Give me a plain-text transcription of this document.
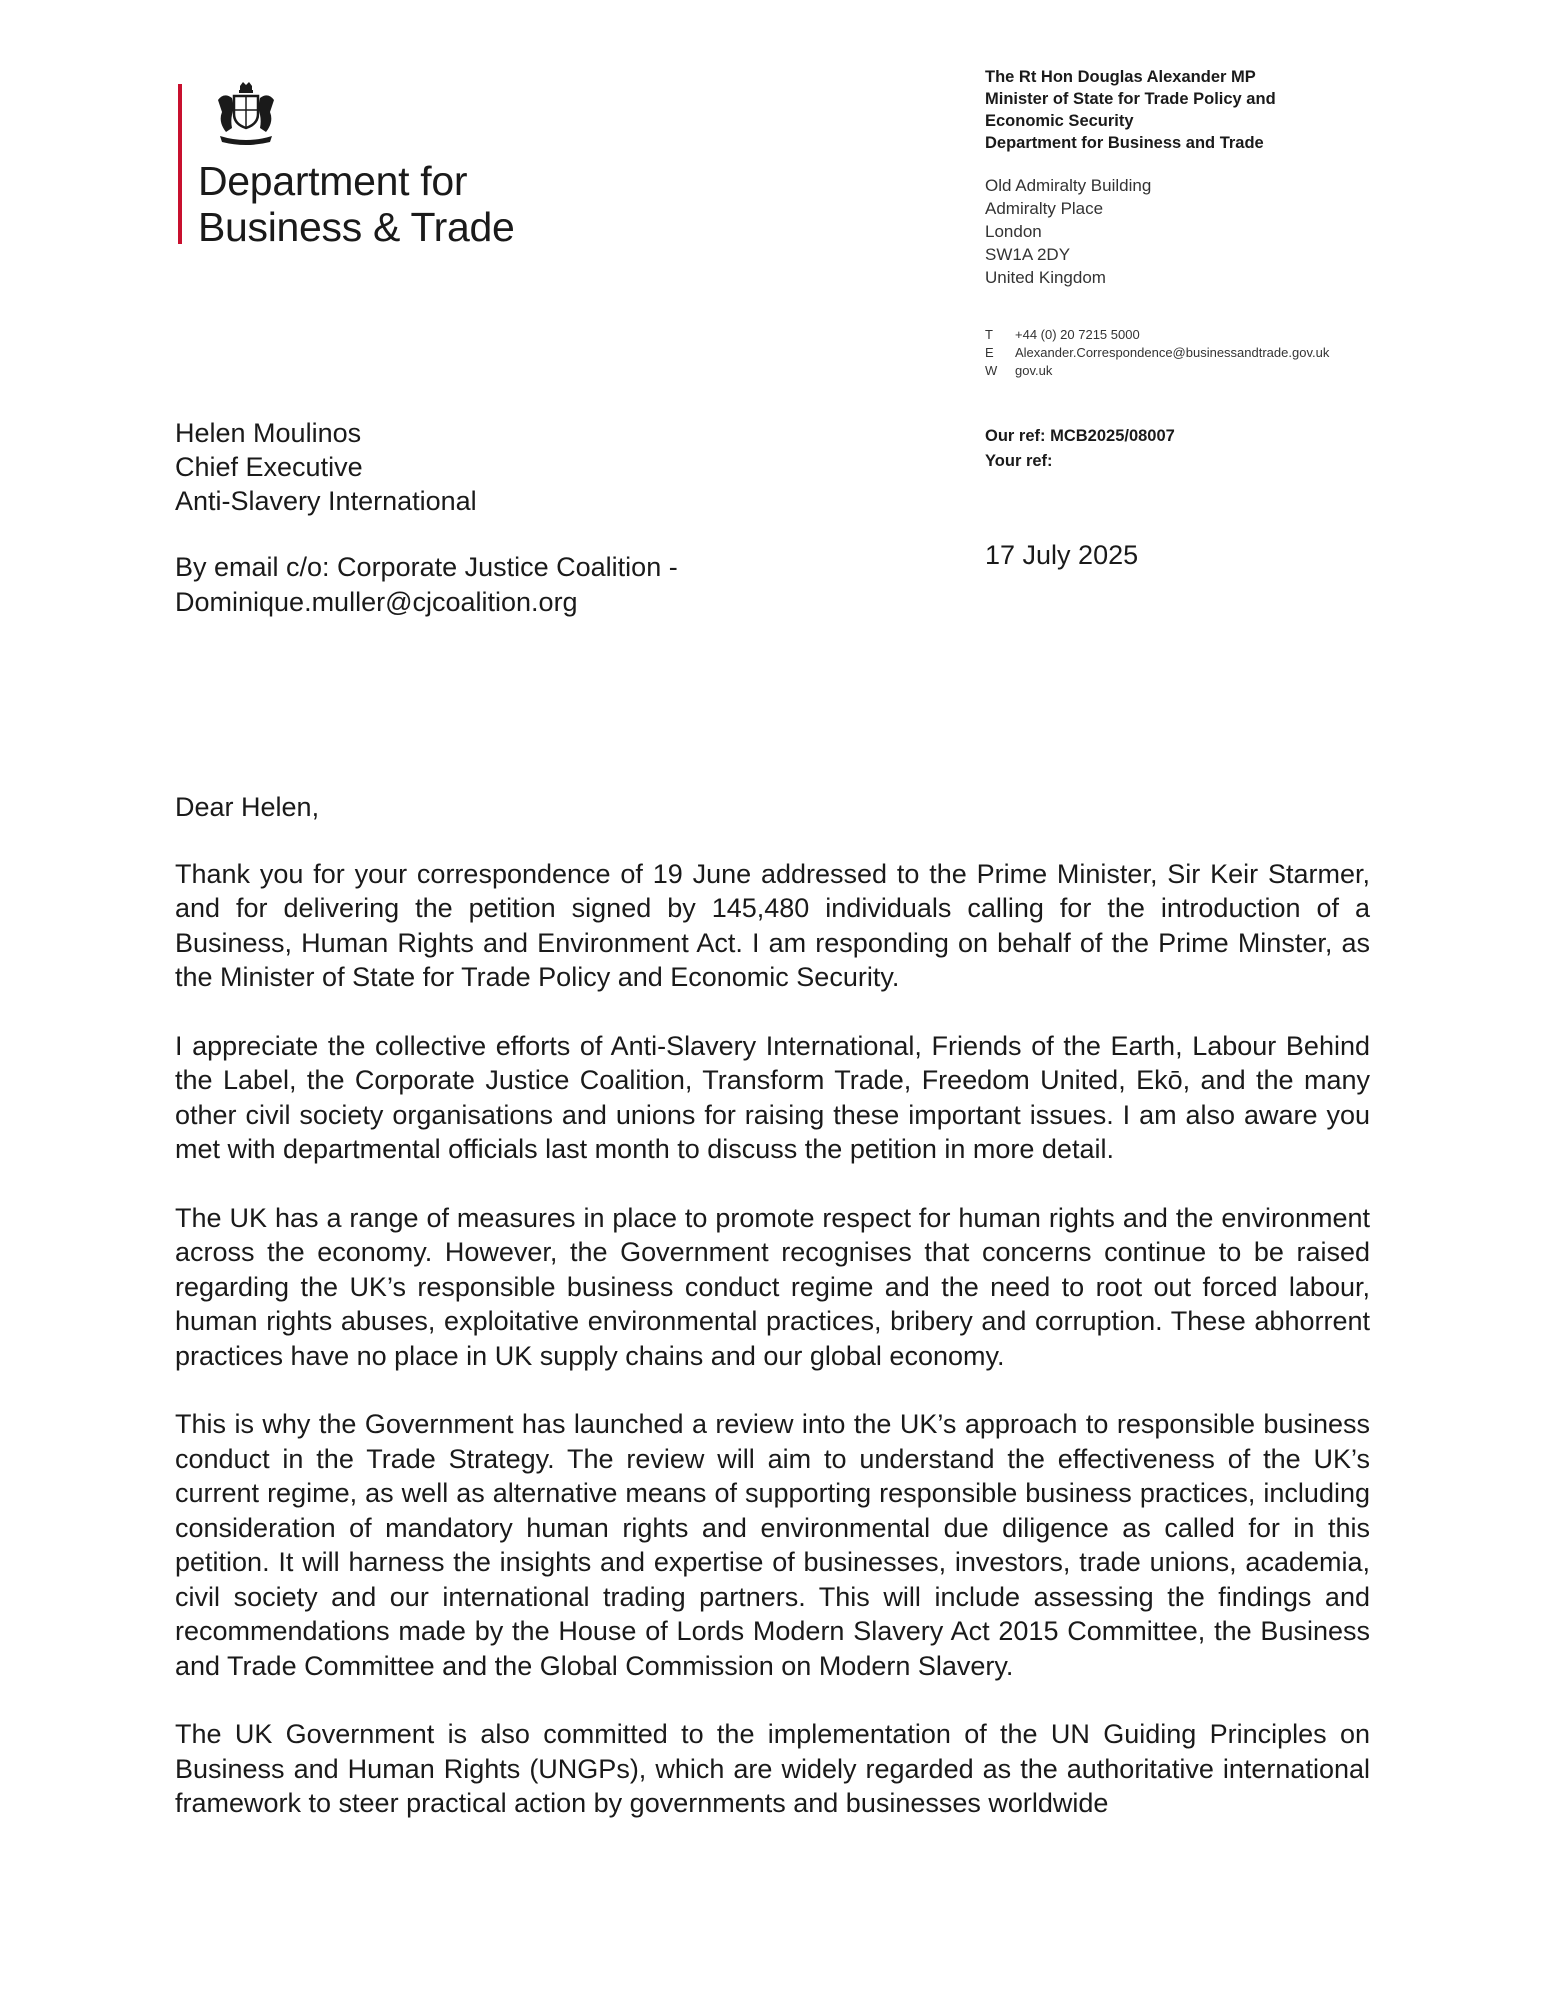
Department for
Business & Trade
The Rt Hon Douglas Alexander MP
Minister of State for Trade Policy and
Economic Security
Department for Business and Trade
Old Admiralty Building
Admiralty Place
London
SW1A 2DY
United Kingdom
T +44 (0) 20 7215 5000
E Alexander.Correspondence@businessandtrade.gov.uk
W gov.uk
Our ref: MCB2025/08007
Your ref:
17 July 2025
Helen Moulinos
Chief Executive
Anti-Slavery International
By email c/o: Corporate Justice Coalition -
Dominique.muller@cjcoalition.org

Dear Helen,

Thank you for your correspondence of 19 June addressed to the Prime Minister, Sir Keir Starmer, and for delivering the petition signed by 145,480 individuals calling for the introduction of a Business, Human Rights and Environment Act. I am responding on behalf of the Prime Minster, as the Minister of State for Trade Policy and Economic Security.

I appreciate the collective efforts of Anti-Slavery International, Friends of the Earth, Labour Behind the Label, the Corporate Justice Coalition, Transform Trade, Freedom United, Ekō, and the many other civil society organisations and unions for raising these important issues. I am also aware you met with departmental officials last month to discuss the petition in more detail.

The UK has a range of measures in place to promote respect for human rights and the environment across the economy. However, the Government recognises that concerns continue to be raised regarding the UK’s responsible business conduct regime and the need to root out forced labour, human rights abuses, exploitative environmental practices, bribery and corruption. These abhorrent practices have no place in UK supply chains and our global economy.

This is why the Government has launched a review into the UK’s approach to responsible business conduct in the Trade Strategy. The review will aim to understand the effectiveness of the UK’s current regime, as well as alternative means of supporting responsible business practices, including consideration of mandatory human rights and environmental due diligence as called for in this petition. It will harness the insights and expertise of businesses, investors, trade unions, academia, civil society and our international trading partners. This will include assessing the findings and recommendations made by the House of Lords Modern Slavery Act 2015 Committee, the Business and Trade Committee and the Global Commission on Modern Slavery.

The UK Government is also committed to the implementation of the UN Guiding Principles on Business and Human Rights (UNGPs), which are widely regarded as the authoritative international framework to steer practical action by governments and businesses worldwide
